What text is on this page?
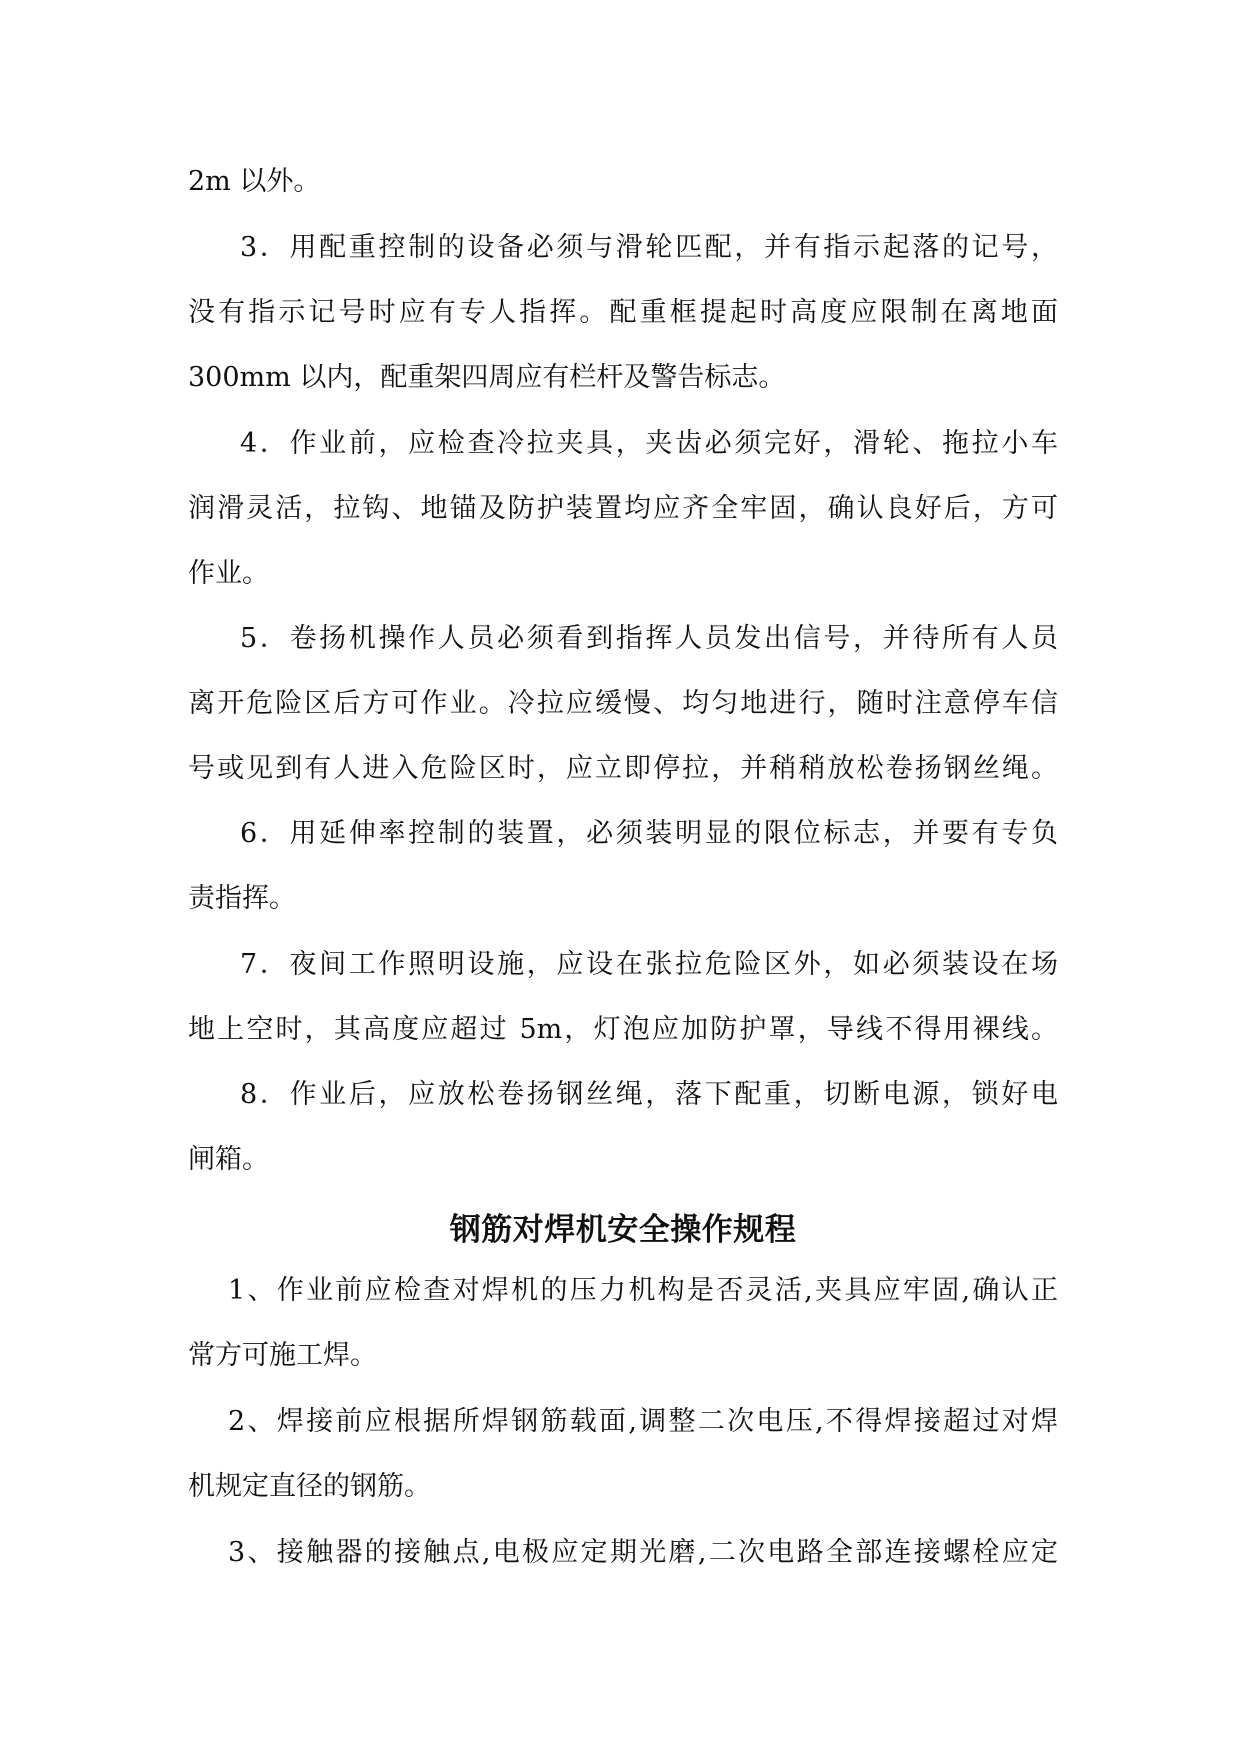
2m 以外。
3．用配重控制的设备必须与滑轮匹配，并有指示起落的记号，
没有指示记号时应有专人指挥。配重框提起时高度应限制在离地面
300mm 以内，配重架四周应有栏杆及警告标志。
4．作业前，应检查冷拉夹具，夹齿必须完好，滑轮、拖拉小车
润滑灵活，拉钩、地锚及防护装置均应齐全牢固，确认良好后，方可
作业。
5．卷扬机操作人员必须看到指挥人员发出信号，并待所有人员
离开危险区后方可作业。冷拉应缓慢、均匀地进行，随时注意停车信
号或见到有人进入危险区时，应立即停拉，并稍稍放松卷扬钢丝绳。
6．用延伸率控制的装置，必须装明显的限位标志，并要有专负
责指挥。
7．夜间工作照明设施，应设在张拉危险区外，如必须装设在场
地上空时，其高度应超过 5m，灯泡应加防护罩，导线不得用裸线。
8．作业后，应放松卷扬钢丝绳，落下配重，切断电源，锁好电
闸箱。
钢筋对焊机安全操作规程
1、作业前应检查对焊机的压力机构是否灵活,夹具应牢固,确认正
常方可施工焊。
2、焊接前应根据所焊钢筋载面,调整二次电压,不得焊接超过对焊
机规定直径的钢筋。
3、接触器的接触点,电极应定期光磨,二次电路全部连接螺栓应定
